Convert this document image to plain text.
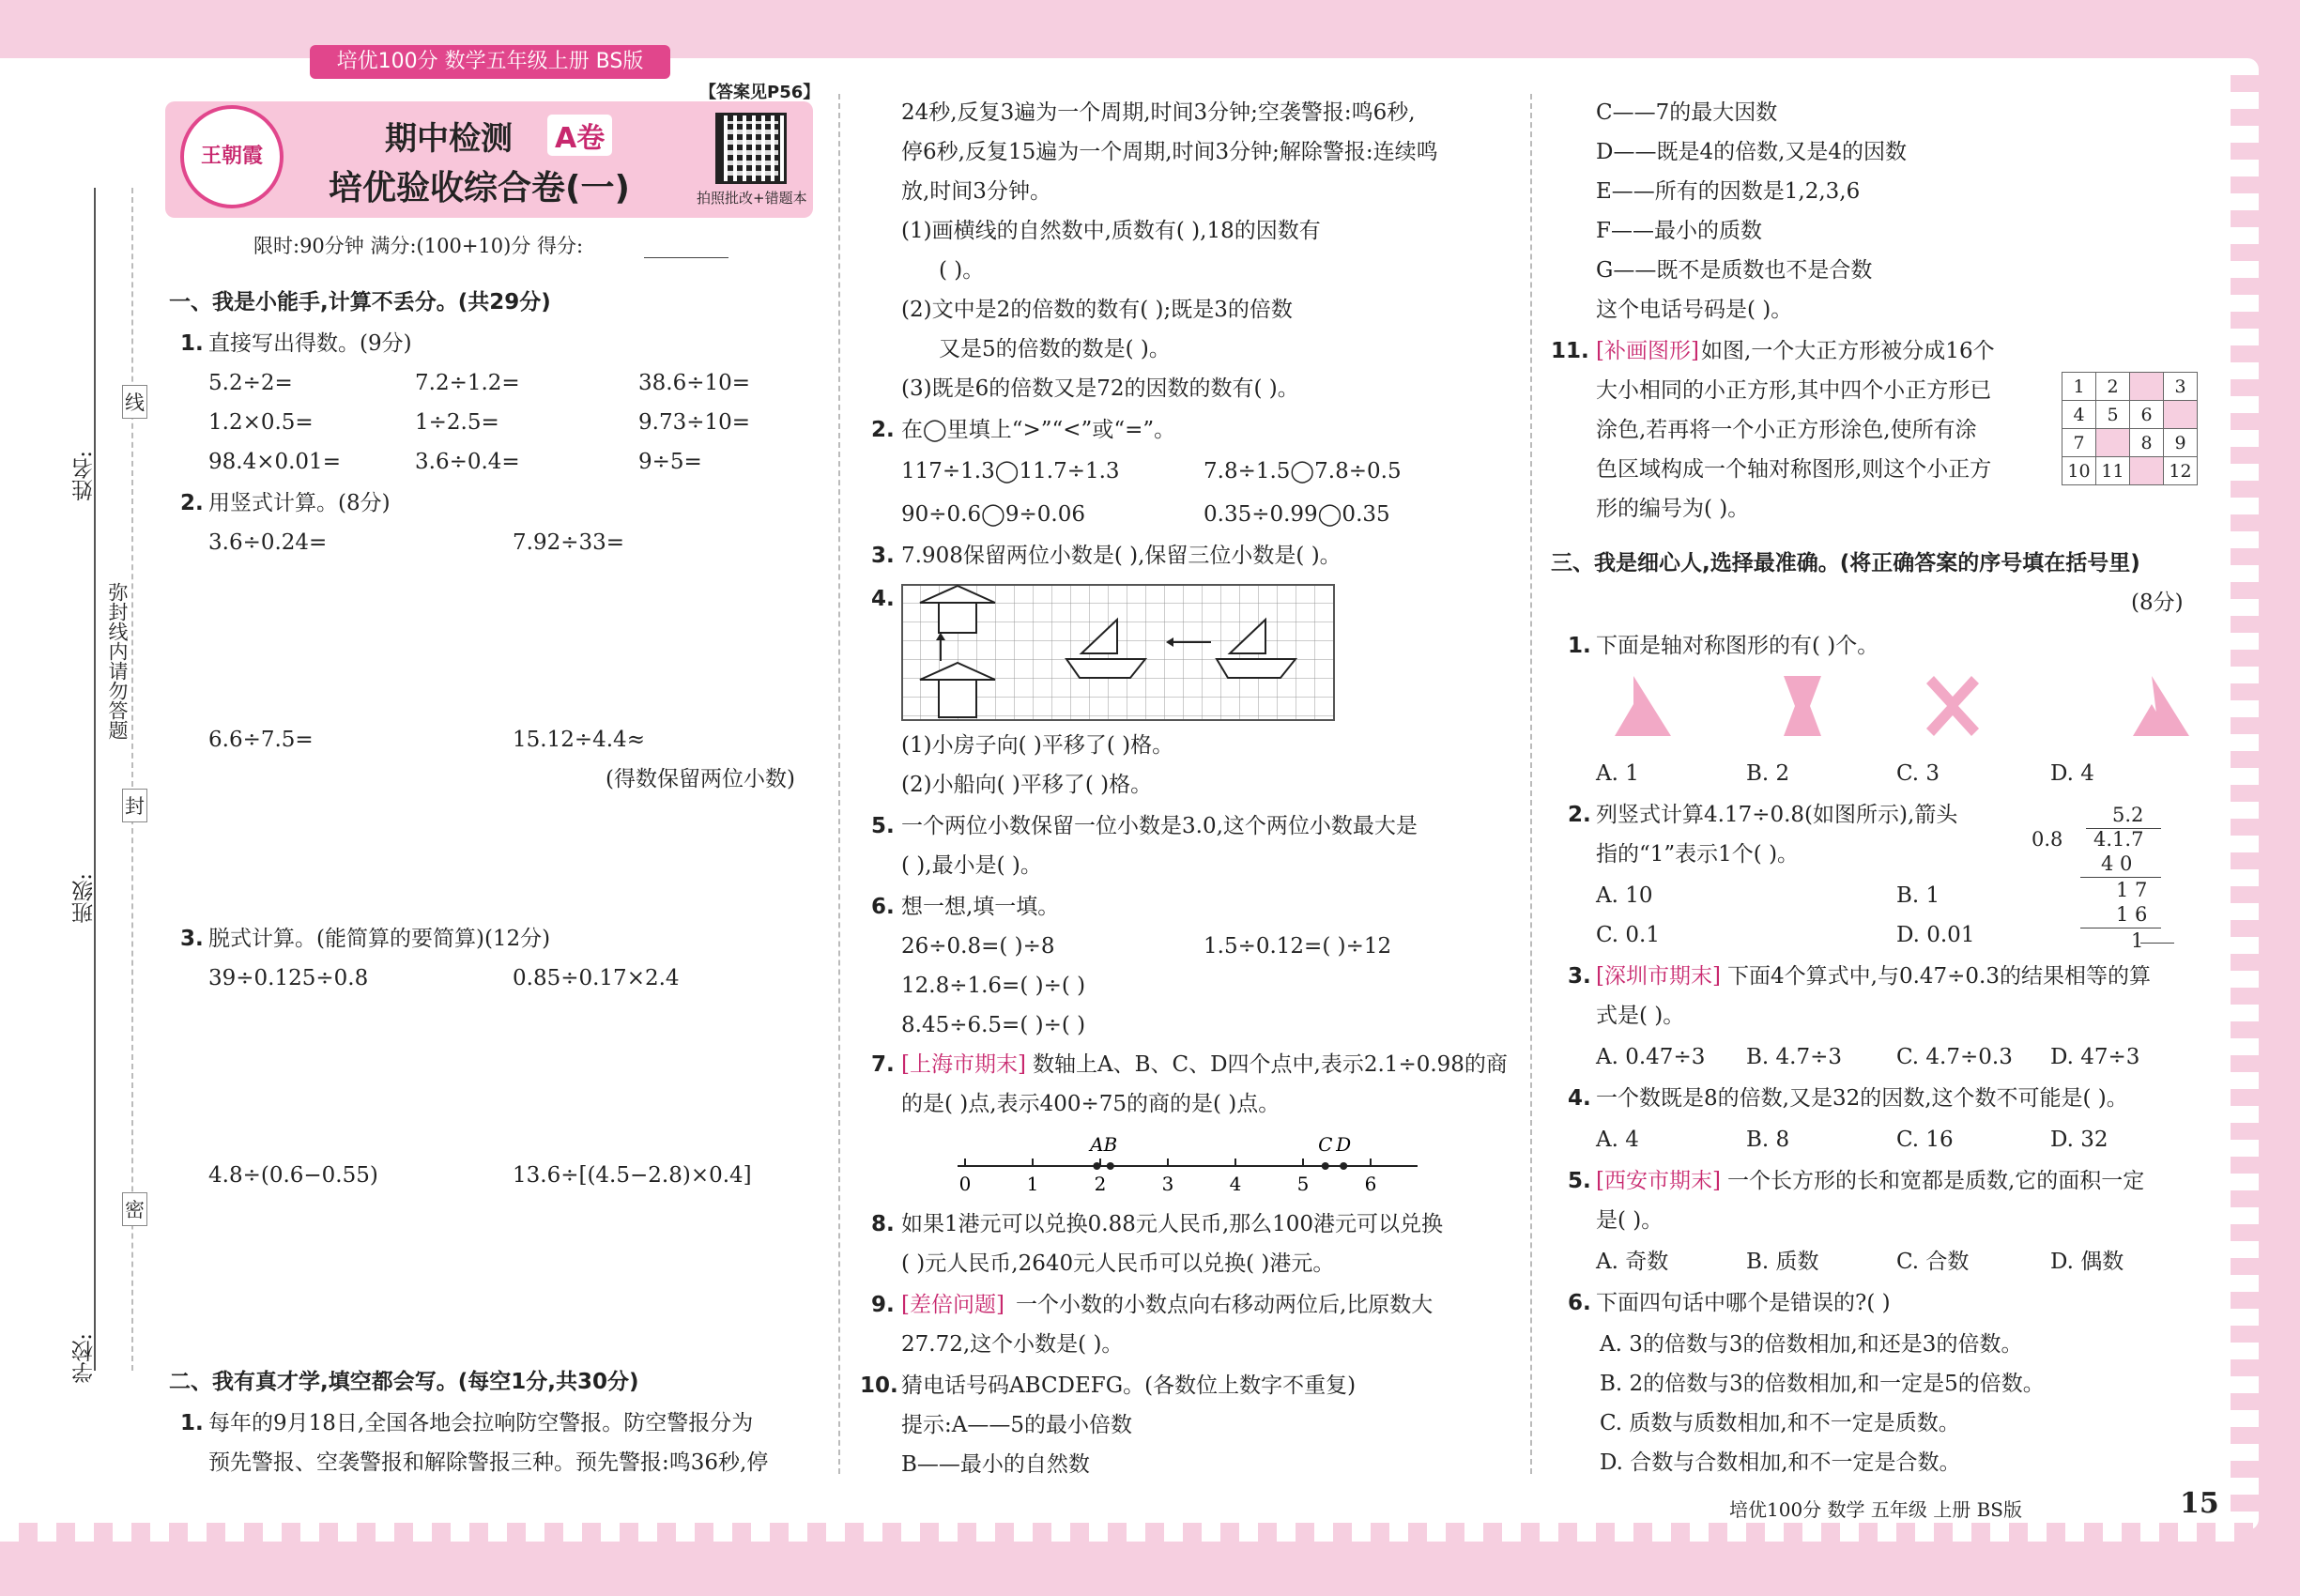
培优100分 数学五年级上册 BS版
姓名:
班级:
学校:
线
封
密
弥封线内请勿答题
王朝霞	期中检测 A卷
培优验收综合卷(一)
【答案见P56】
拍照批改+错题本
限时:90分钟 满分:(100+10)分 得分:
一、我是小能手,计算不丢分。(共29分)
1. 直接写出得数。(9分)
5.2÷2=	7.2÷1.2=	38.6÷10=
1.2×0.5=	1÷2.5=	9.73÷10=
98.4×0.01=	3.6÷0.4=	9÷5=
2. 用竖式计算。(8分)
3.6÷0.24=	7.92÷33=
6.6÷7.5=	15.12÷4.4≈
(得数保留两位小数)
3. 脱式计算。(能简算的要简算)(12分)
39÷0.125÷0.8	0.85÷0.17×2.4
4.8÷(0.6−0.55)	13.6÷[(4.5−2.8)×0.4]
二、我有真才学,填空都会写。(每空1分,共30分)
1. 每年的9月18日,全国各地会拉响防空警报。防空警报分为
预先警报、空袭警报和解除警报三种。预先警报:鸣36秒,停
24秒,反复3遍为一个周期,时间3分钟;空袭警报:鸣6秒,
停6秒,反复15遍为一个周期,时间3分钟;解除警报:连续鸣
放,时间3分钟。
(1)画横线的自然数中,质数有( ),18的因数有
( )。
(2)文中是2的倍数的数有( );既是3的倍数
又是5的倍数的数是( )。
(3)既是6的倍数又是72的因数的数有( )。
2. 在◯里填上“>”“<”或“=”。
117÷1.3◯11.7÷1.3	7.8÷1.5◯7.8÷0.5
90÷0.6◯9÷0.06	0.35÷0.99◯0.35
3. 7.908保留两位小数是( ),保留三位小数是( )。
4.
(1)小房子向( )平移了( )格。
(2)小船向( )平移了( )格。
5. 一个两位小数保留一位小数是3.0,这个两位小数最大是
( ),最小是( )。
6. 想一想,填一填。
26÷0.8=( )÷8	1.5÷0.12=( )÷12
12.8÷1.6=( )÷( )
8.45÷6.5=( )÷( )
7. [上海市期末] 数轴上A、B、C、D四个点中,表示2.1÷0.98的商
的是( )点,表示400÷75的商的是( )点。
0	1	2	3	4	5	6
A B	C D
8. 如果1港元可以兑换0.88元人民币,那么100港元可以兑换
( )元人民币,2640元人民币可以兑换( )港元。
9. [差倍问题] 一个小数的小数点向右移动两位后,比原数大
27.72,这个小数是( )。
10. 猜电话号码ABCDEFG。(各数位上数字不重复)
提示:A——5的最小倍数
B——最小的自然数
C——7的最大因数
D——既是4的倍数,又是4的因数
E——所有的因数是1,2,3,6
F——最小的质数
G——既不是质数也不是合数
这个电话号码是( )。
11. [补画图形] 如图,一个大正方形被分成16个
大小相同的小正方形,其中四个小正方形已
涂色,若再将一个小正方形涂色,使所有涂
色区域构成一个轴对称图形,则这个小正方
形的编号为( )。
1	2		3
4	5	6	
7		8	9
10	11		12
三、我是细心人,选择最准确。(将正确答案的序号填在括号里)
(8分)
1. 下面是轴对称图形的有( )个。
A. 1	B. 2	C. 3	D. 4
2. 列竖式计算4.17÷0.8(如图所示),箭头
指的“1”表示1个( )。
A. 10	B. 1
C. 0.1	D. 0.01
5.2
0.8 4.1.7
4 0
1 7
1 6
1
3. [深圳市期末] 下面4个算式中,与0.47÷0.3的结果相等的算
式是( )。
A. 0.47÷3 B. 4.7÷3	C. 4.7÷0.3 D. 47÷3
4. 一个数既是8的倍数,又是32的因数,这个数不可能是( )。
A. 4	B. 8	C. 16	D. 32
5. [西安市期末] 一个长方形的长和宽都是质数,它的面积一定
是( )。
A. 奇数	B. 质数	C. 合数	D. 偶数
6. 下面四句话中哪个是错误的?( )
A. 3的倍数与3的倍数相加,和还是3的倍数。
B. 2的倍数与3的倍数相加,和一定是5的倍数。
C. 质数与质数相加,和不一定是质数。
D. 合数与合数相加,和不一定是合数。
培优100分 数学 五年级 上册 BS版	15
